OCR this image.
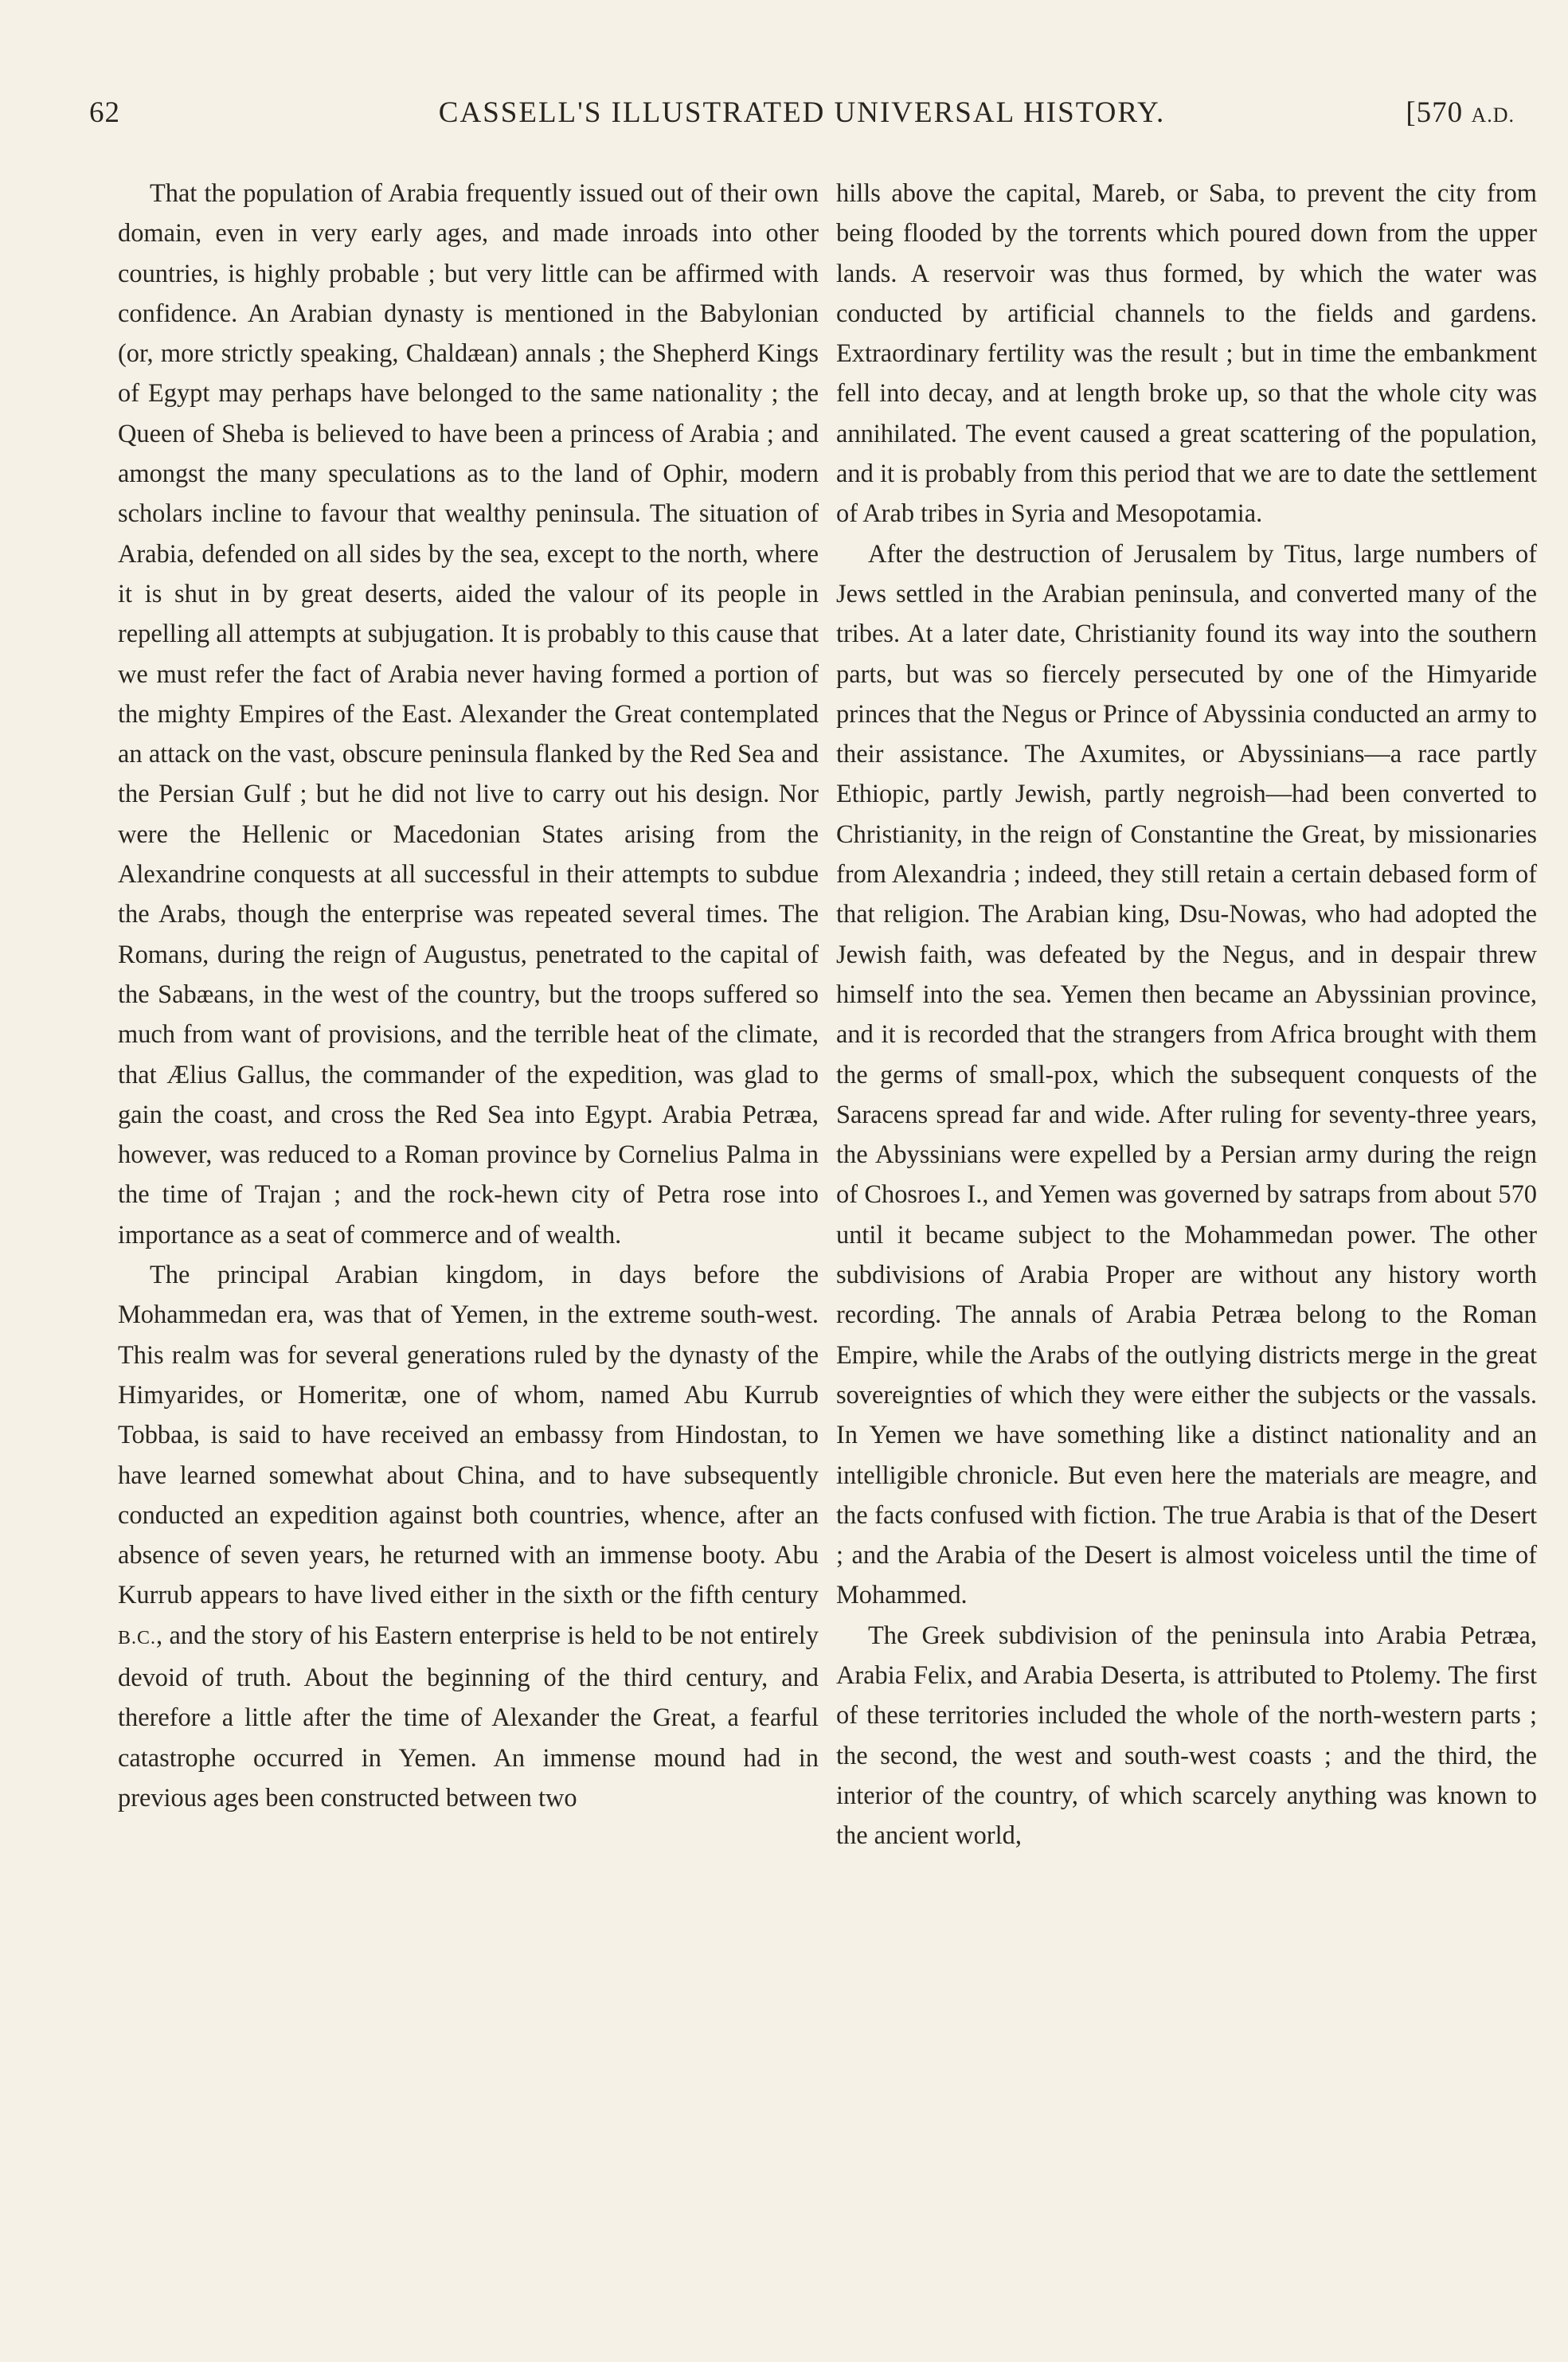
62	CASSELL'S ILLUSTRATED UNIVERSAL HISTORY.	[570 A.D.

That the population of Arabia frequently issued out of their own domain, even in very early ages, and made inroads into other countries, is highly probable ; but very little can be affirmed with confidence. An Arabian dynasty is mentioned in the Babylonian (or, more strictly speaking, Chaldæan) annals ; the Shepherd Kings of Egypt may perhaps have belonged to the same nationality ; the Queen of Sheba is believed to have been a princess of Arabia ; and amongst the many speculations as to the land of Ophir, modern scholars incline to favour that wealthy peninsula. The situation of Arabia, defended on all sides by the sea, except to the north, where it is shut in by great deserts, aided the valour of its people in repelling all attempts at subjugation. It is probably to this cause that we must refer the fact of Arabia never having formed a portion of the mighty Empires of the East. Alexander the Great contemplated an attack on the vast, obscure peninsula flanked by the Red Sea and the Persian Gulf ; but he did not live to carry out his design. Nor were the Hellenic or Macedonian States arising from the Alexandrine conquests at all successful in their attempts to subdue the Arabs, though the enterprise was repeated several times. The Romans, during the reign of Augustus, penetrated to the capital of the Sabæans, in the west of the country, but the troops suffered so much from want of provisions, and the terrible heat of the climate, that Ælius Gallus, the commander of the expedition, was glad to gain the coast, and cross the Red Sea into Egypt. Arabia Petræa, however, was reduced to a Roman province by Cornelius Palma in the time of Trajan ; and the rock-hewn city of Petra rose into importance as a seat of commerce and of wealth.

The principal Arabian kingdom, in days before the Mohammedan era, was that of Yemen, in the extreme south-west. This realm was for several generations ruled by the dynasty of the Himyarides, or Homeritæ, one of whom, named Abu Kurrub Tobbaa, is said to have received an embassy from Hindostan, to have learned somewhat about China, and to have subsequently conducted an expedition against both countries, whence, after an absence of seven years, he returned with an immense booty. Abu Kurrub appears to have lived either in the sixth or the fifth century B.C., and the story of his Eastern enterprise is held to be not entirely devoid of truth. About the beginning of the third century, and therefore a little after the time of Alexander the Great, a fearful catastrophe occurred in Yemen. An immense mound had in previous ages been constructed between two

hills above the capital, Mareb, or Saba, to prevent the city from being flooded by the torrents which poured down from the upper lands. A reservoir was thus formed, by which the water was conducted by artificial channels to the fields and gardens. Extraordinary fertility was the result ; but in time the embankment fell into decay, and at length broke up, so that the whole city was annihilated. The event caused a great scattering of the population, and it is probably from this period that we are to date the settlement of Arab tribes in Syria and Mesopotamia.

After the destruction of Jerusalem by Titus, large numbers of Jews settled in the Arabian peninsula, and converted many of the tribes. At a later date, Christianity found its way into the southern parts, but was so fiercely persecuted by one of the Himyaride princes that the Negus or Prince of Abyssinia conducted an army to their assistance. The Axumites, or Abyssinians—a race partly Ethiopic, partly Jewish, partly negroish—had been converted to Christianity, in the reign of Constantine the Great, by missionaries from Alexandria ; indeed, they still retain a certain debased form of that religion. The Arabian king, Dsu-Nowas, who had adopted the Jewish faith, was defeated by the Negus, and in despair threw himself into the sea. Yemen then became an Abyssinian province, and it is recorded that the strangers from Africa brought with them the germs of small-pox, which the subsequent conquests of the Saracens spread far and wide. After ruling for seventy-three years, the Abyssinians were expelled by a Persian army during the reign of Chosroes I., and Yemen was governed by satraps from about 570 until it became subject to the Mohammedan power. The other subdivisions of Arabia Proper are without any history worth recording. The annals of Arabia Petræa belong to the Roman Empire, while the Arabs of the outlying districts merge in the great sovereignties of which they were either the subjects or the vassals. In Yemen we have something like a distinct nationality and an intelligible chronicle. But even here the materials are meagre, and the facts confused with fiction. The true Arabia is that of the Desert ; and the Arabia of the Desert is almost voiceless until the time of Mohammed.

The Greek subdivision of the peninsula into Arabia Petræa, Arabia Felix, and Arabia Deserta, is attributed to Ptolemy. The first of these territories included the whole of the north-western parts ; the second, the west and south-west coasts ; and the third, the interior of the country, of which scarcely anything was known to the ancient world,
